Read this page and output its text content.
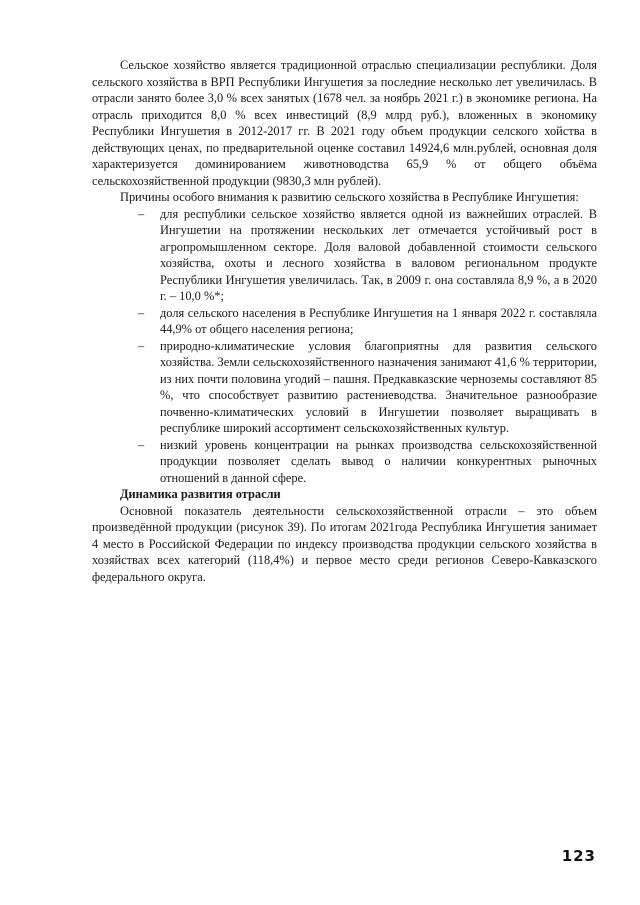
Сельское хозяйство является традиционной отраслью специализации республики. Доля сельского хозяйства в ВРП Республики Ингушетия за последние несколько лет увеличилась. В отрасли занято более 3,0 % всех занятых (1678 чел. за ноябрь 2021 г.) в экономике региона. На отрасль приходится 8,0 % всех инвестиций (8,9 млрд руб.), вложенных в экономику Республики Ингушетия в 2012-2017 гг. В 2021 году объем продукции селского хойства в действующих ценах, по предварительной оценке составил 14924,6 млн.рублей, основная доля характеризуется доминированием животноводства 65,9 % от общего объёма сельскохозяйственной продукции (9830,3 млн рублей).

Причины особого внимания к развитию сельского хозяйства в Республике Ингушетия:

– для республики сельское хозяйство является одной из важнейших отраслей. В Ингушетии на протяжении нескольких лет отмечается устойчивый рост в агропромышленном секторе. Доля валовой добавленной стоимости сельского хозяйства, охоты и лесного хозяйства в валовом региональном продукте Республики Ингушетия увеличилась. Так, в 2009 г. она составляла 8,9 %, а в 2020 г. – 10,0 %*;
– доля сельского населения в Республике Ингушетия на 1 января 2022 г. составляла 44,9% от общего населения региона;
– природно-климатические условия благоприятны для развития сельского хозяйства. Земли сельскохозяйственного назначения занимают 41,6 % территории, из них почти половина угодий – пашня. Предкавказские черноземы составляют 85 %, что способствует развитию растениеводства. Значительное разнообразие почвенно-климатических условий в Ингушетии позволяет выращивать в республике широкий ассортимент сельскохозяйственных культур.
– низкий уровень концентрации на рынках производства сельскохозяйственной продукции позволяет сделать вывод о наличии конкурентных рыночных отношений в данной сфере.

Динамика развития отрасли

Основной показатель деятельности сельскохозяйственной отрасли – это объем произведённой продукции (рисунок 39). По итогам 2021года Республика Ингушетия занимает 4 место в Российской Федерации по индексу производства продукции сельского хозяйства в хозяйствах всех категорий (118,4%) и первое место среди регионов Северо-Кавказского федерального округа.

123
